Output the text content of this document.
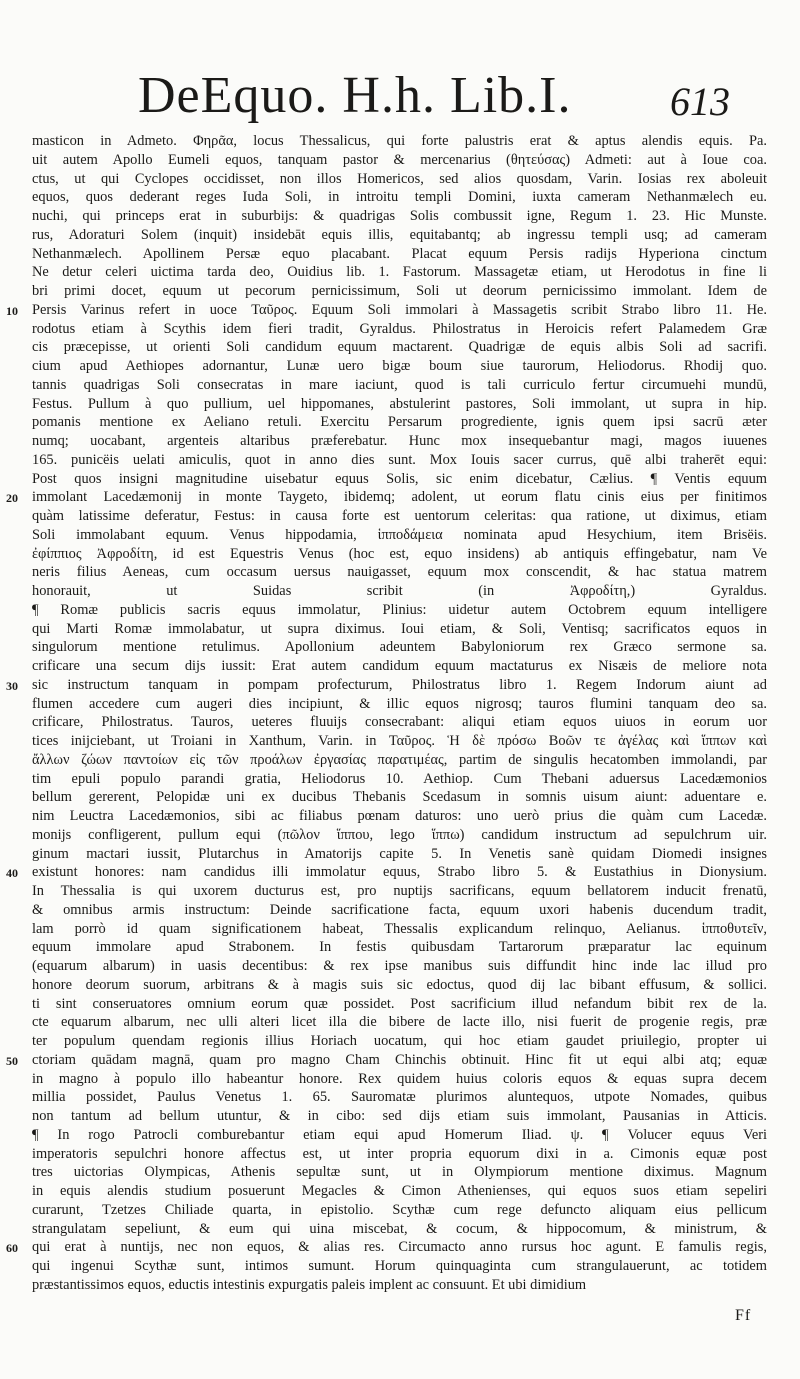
DeEquo. H.h. Lib.I. 613
masticon in Admeto. Φηρᾶα, locus Thessalicus, qui forte palustris erat & aptus alendis equis. Pa.
uit autem Apollo Eumeli equos, tanquam pastor & mercenarius (θητεύσας) Admeti: aut à Ioue coa.
ctus, ut qui Cyclopes occidisset, non illos Homericos, sed alios quosdam, Varin. Iosias rex aboleuit
equos, quos dederant reges Iuda Soli, in introitu templi Domini, iuxta cameram Nethanmælech eu.
nuchi, qui princeps erat in suburbijs: & quadrigas Solis combussit igne, Regum 1. 23. Hic Munste.
rus, Adoraturi Solem (inquit) insidebāt equis illis, equitabantq; ab ingressu templi usq; ad cameram
Nethanmælech. Apollinem Persæ equo placabant. Placat equum Persis radijs Hyperiona cinctum
Ne detur celeri uictima tarda deo, Ouidius lib. 1. Fastorum. Massagetæ etiam, ut Herodotus in fine li
bri primi docet, equum ut pecorum pernicissimum, Soli ut deorum pernicissimo immolant. Idem de
Persis Varinus refert in uoce Ταῦρος. Equum Soli immolari à Massagetis scribit Strabo libro 11. He.
rodotus etiam à Scythis idem fieri tradit, Gyraldus. Philostratus in Heroicis refert Palamedem Græ
cis præcepisse, ut orienti Soli candidum equum mactarent. Quadrigæ de equis albis Soli ad sacrifi.
cium apud Aethiopes adornantur, Lunæ uero bigæ boum siue taurorum, Heliodorus. Rhodij quo.
tannis quadrigas Soli consecratas in mare iaciunt, quod is tali curriculo fertur circumuehi mundū,
Festus. Pullum à quo pullium, uel hippomanes, abstulerint pastores, Soli immolant, ut supra in hip.
pomanis mentione ex Aeliano retuli. Exercitu Persarum progrediente, ignis quem ipsi sacrū æter
numq; uocabant, argenteis altaribus præferebatur. Hunc mox insequebantur magi, magos iuuenes
165. punicëis uelati amiculis, quot in anno dies sunt. Mox Iouis sacer currus, quē albi traherēt equi:
Post quos insigni magnitudine uisebatur equus Solis, sic enim dicebatur, Cælius. ¶ Ventis equum
immolant Lacedæmonij in monte Taygeto, ibidemq; adolent, ut eorum flatu cinis eius per finitimos
quàm latissime deferatur, Festus: in causa forte est uentorum celeritas: qua ratione, ut diximus, etiam
Soli immolabant equum. Venus hippodamia, ἱπποδάμεια nominata apud Hesychium, item Brisëis.
ἐφίππιος Ἀφροδίτη, id est Equestris Venus (hoc est, equo insidens) ab antiquis effingebatur, nam Ve
neris filius Aeneas, cum occasum uersus nauigasset, equum mox conscendit, & hac statua matrem
honorauit, ut Suidas scribit (in Ἀφροδίτη,) Gyraldus.
¶ Romæ publicis sacris equus immolatur, Plinius: uidetur autem Octobrem equum intelligere
qui Marti Romæ immolabatur, ut supra diximus. Ioui etiam, & Soli, Ventisq; sacrificatos equos in
singulorum mentione retulimus. Apollonium adeuntem Babyloniorum rex Græco sermone sa.
crificare una secum dijs iussit: Erat autem candidum equum mactaturus ex Nisæis de meliore nota
sic instructum tanquam in pompam profecturum, Philostratus libro 1. Regem Indorum aiunt ad
flumen accedere cum augeri dies incipiunt, & illic equos nigrosq; tauros flumini tanquam deo sa.
crificare, Philostratus. Tauros, ueteres fluuijs consecrabant: aliqui etiam equos uiuos in eorum uor
tices inijciebant, ut Troiani in Xanthum, Varin. in Ταῦρος. Ἡ δὲ πρόσω Βοῶν τε ἀγέλας καὶ ἵππων καὶ
ἄλλων ζώων παντοίων εἰς τῶν προάλων ἐργασίας παρατιμέας, partim de singulis hecatomben immolandi, par
tim epuli populo parandi gratia, Heliodorus 10. Aethiop. Cum Thebani aduersus Lacedæmonios
bellum gererent, Pelopidæ uni ex ducibus Thebanis Scedasum in somnis uisum aiunt: aduentare e.
nim Leuctra Lacedæmonios, sibi ac filiabus pœnam daturos: uno uerò prius die quàm cum Lacedæ.
monijs confligerent, pullum equi (πῶλον ἵππου, lego ἵππω) candidum instructum ad sepulchrum uir.
ginum mactari iussit, Plutarchus in Amatorijs capite 5. In Venetis sanè quidam Diomedi insignes
existunt honores: nam candidus illi immolatur equus, Strabo libro 5. & Eustathius in Dionysium.
In Thessalia is qui uxorem ducturus est, pro nuptijs sacrificans, equum bellatorem inducit frenatū,
& omnibus armis instructum: Deinde sacrificatione facta, equum uxori habenis ducendum tradit,
lam porrò id quam significationem habeat, Thessalis explicandum relinquo, Aelianus. ἱπποθυτεῖν,
equum immolare apud Strabonem. In festis quibusdam Tartarorum præparatur lac equinum
(equarum albarum) in uasis decentibus: & rex ipse manibus suis diffundit hinc inde lac illud pro
honore deorum suorum, arbitrans & à magis suis sic edoctus, quod dij lac bibant effusum, & sollici.
ti sint conseruatores omnium eorum quæ possidet. Post sacrificium illud nefandum bibit rex de la.
cte equarum albarum, nec ulli alteri licet illa die bibere de lacte illo, nisi fuerit de progenie regis, præ
ter populum quendam regionis illius Horiach uocatum, qui hoc etiam gaudet priuilegio, propter ui
ctoriam quādam magnā, quam pro magno Cham Chinchis obtinuit. Hinc fit ut equi albi atq; equæ
in magno à populo illo habeantur honore. Rex quidem huius coloris equos & equas supra decem
millia possidet, Paulus Venetus 1. 65. Sauromatæ plurimos aluntequos, utpote Nomades, quibus
non tantum ad bellum utuntur, & in cibo: sed dijs etiam suis immolant, Pausanias in Atticis.
¶ In rogo Patrocli comburebantur etiam equi apud Homerum Iliad. ψ. ¶ Volucer equus Veri
imperatoris sepulchri honore affectus est, ut inter propria equorum dixi in a. Cimonis equæ post
tres uictorias Olympicas, Athenis sepultæ sunt, ut in Olympiorum mentione diximus. Magnum
in equis alendis studium posuerunt Megacles & Cimon Athenienses, qui equos suos etiam sepeliri
curarunt, Tzetzes Chiliade quarta, in epistolio. Scythæ cum rege defuncto aliquam eius pellicum
strangulatam sepeliunt, & eum qui uina miscebat, & cocum, & hippocomum, & ministrum, &
qui erat à nuntijs, nec non equos, & alias res. Circumacto anno rursus hoc agunt. E famulis regis,
qui ingenui Scythæ sunt, intimos sumunt. Horum quinquaginta cum strangulauerunt, ac totidem
præstantissimos equos, eductis intestinis expurgatis paleis implent ac consuunt. Et ubi dimidium
10
20
30
40
50
60
Ff
